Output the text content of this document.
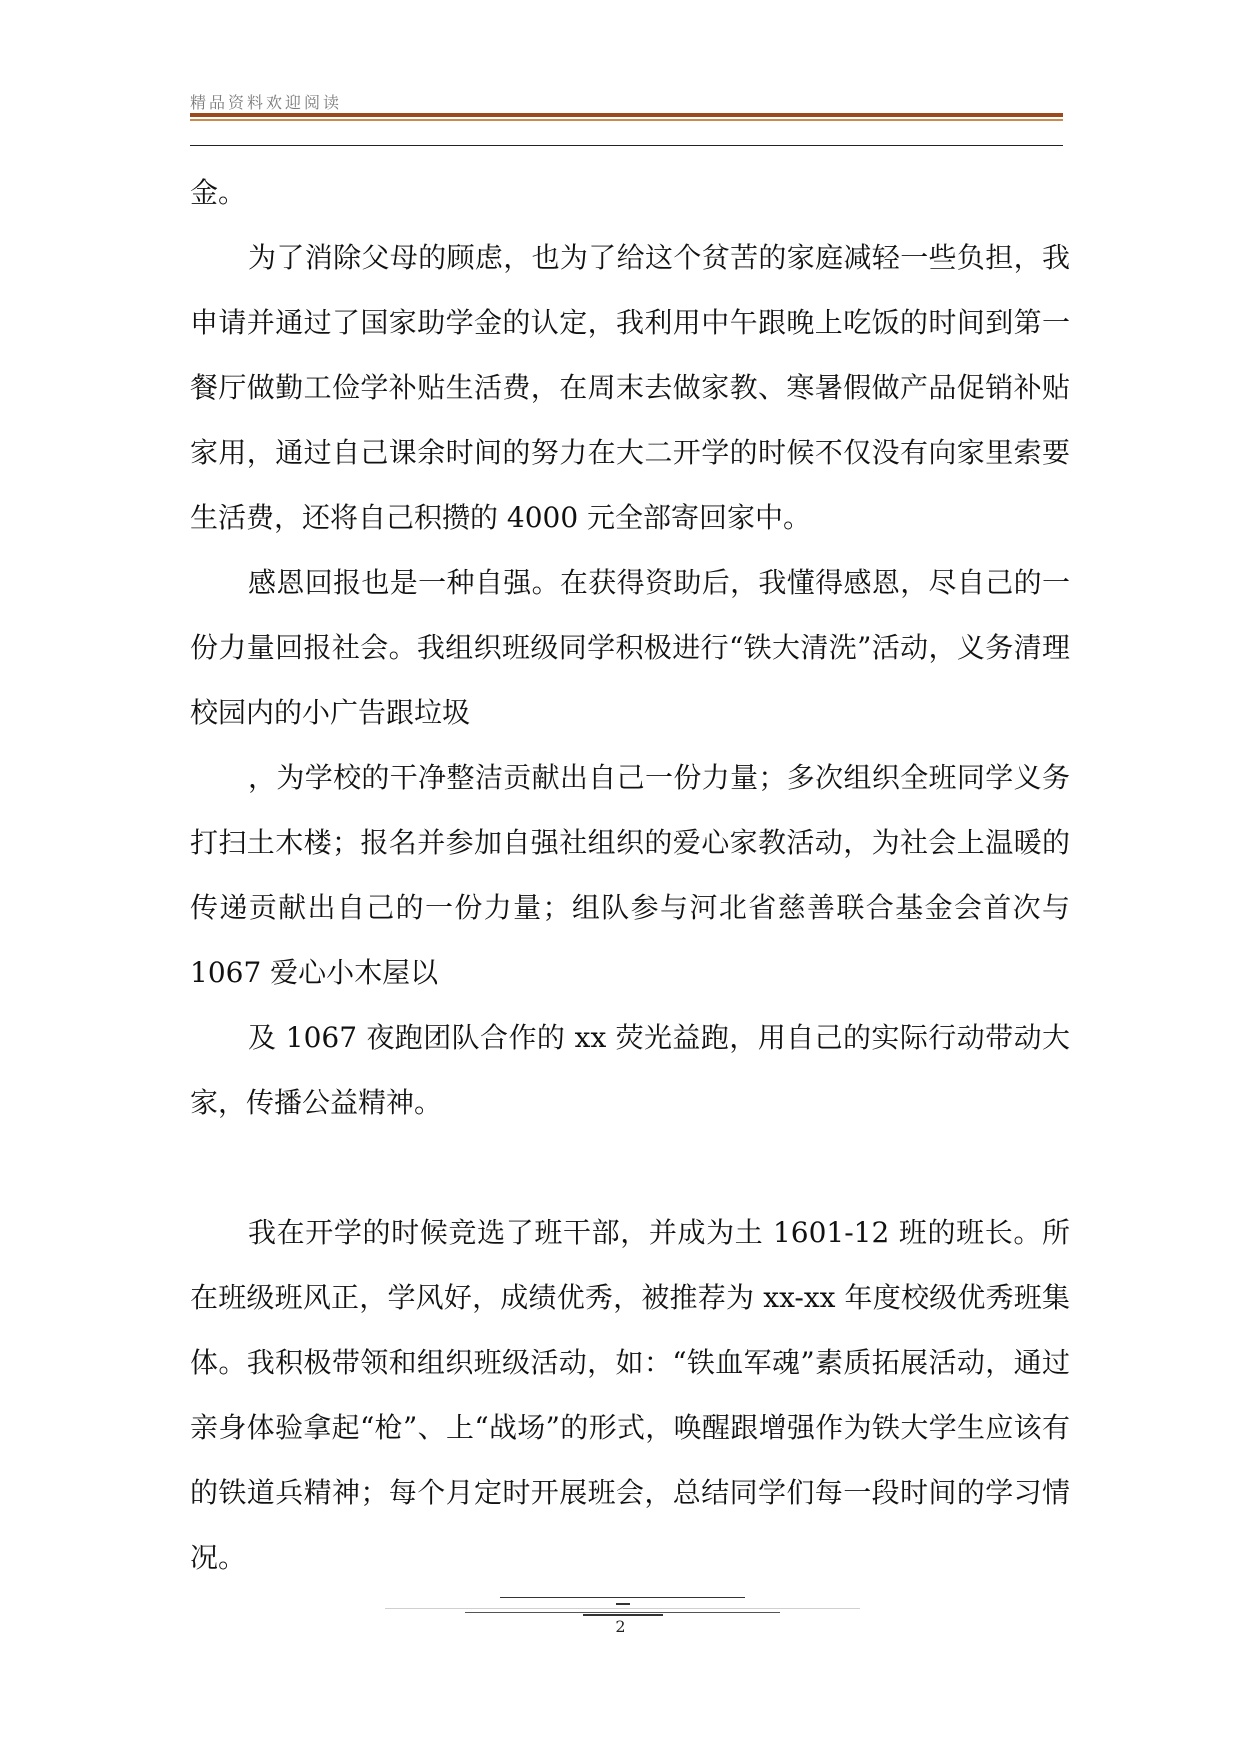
精品资料欢迎阅读

金。

为了消除父母的顾虑，也为了给这个贫苦的家庭减轻一些负担，我申请并通过了国家助学金的认定，我利用中午跟晚上吃饭的时间到第一餐厅做勤工俭学补贴生活费，在周末去做家教、寒暑假做产品促销补贴家用，通过自己课余时间的努力在大二开学的时候不仅没有向家里索要生活费，还将自己积攒的 4000 元全部寄回家中。

感恩回报也是一种自强。在获得资助后，我懂得感恩，尽自己的一份力量回报社会。我组织班级同学积极进行“铁大清洗”活动，义务清理校园内的小广告跟垃圾

，为学校的干净整洁贡献出自己一份力量；多次组织全班同学义务打扫土木楼；报名并参加自强社组织的爱心家教活动，为社会上温暖的传递贡献出自己的一份力量；组队参与河北省慈善联合基金会首次与 1067 爱心小木屋以

及 1067 夜跑团队合作的 xx 荧光益跑，用自己的实际行动带动大家，传播公益精神。

我在开学的时候竞选了班干部，并成为土 1601-12 班的班长。所在班级班风正，学风好，成绩优秀，被推荐为 xx-xx 年度校级优秀班集体。我积极带领和组织班级活动，如：“铁血军魂”素质拓展活动，通过亲身体验拿起“枪”、上“战场”的形式，唤醒跟增强作为铁大学生应该有的铁道兵精神；每个月定时开展班会，总结同学们每一段时间的学习情况。

2
